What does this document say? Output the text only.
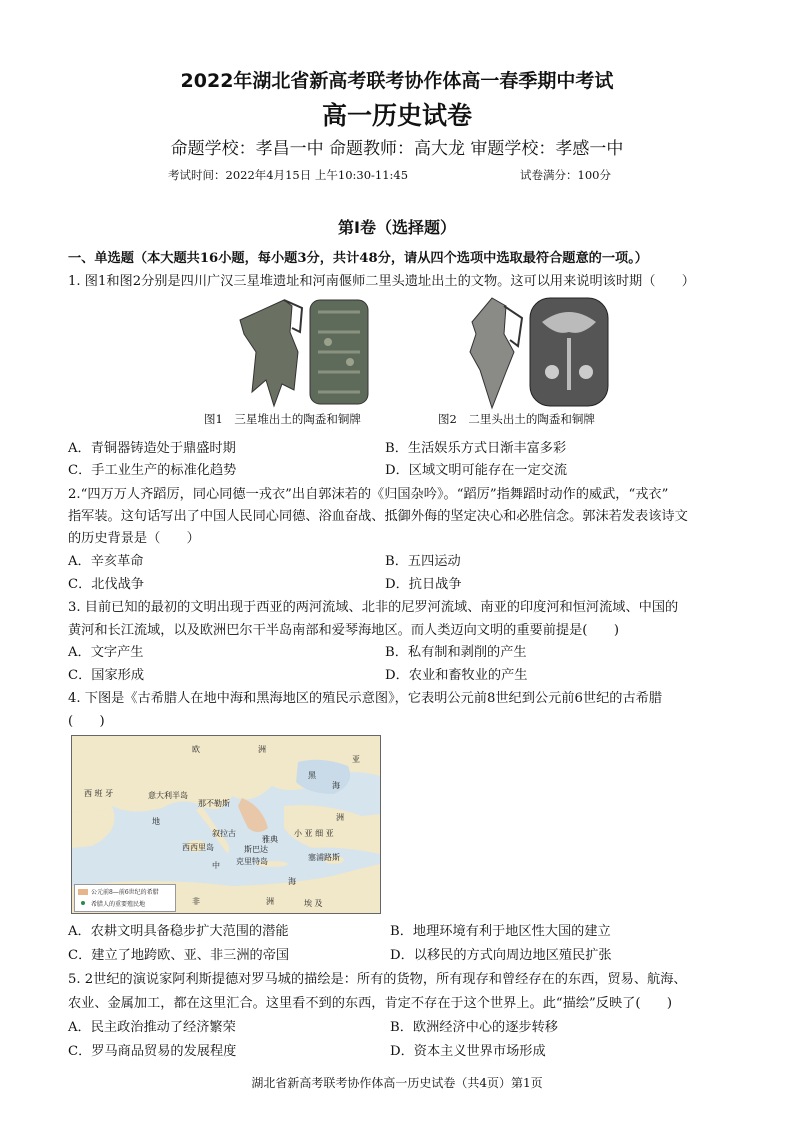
2022年湖北省新高考联考协作体高一春季期中考试
高一历史试卷
命题学校：孝昌一中 命题教师：高大龙 审题学校：孝感一中
考试时间：2022年4月15日 上午10:30-11:45	试卷满分：100分
第Ⅰ卷（选择题）
一、单选题（本大题共16小题，每小题3分，共计48分，请从四个选项中选取最符合题意的一项。）
1. 图1和图2分别是四川广汉三星堆遗址和河南偃师二里头遗址出土的文物。这可以用来说明该时期（　　）
图1　三星堆出土的陶盉和铜牌	图2　二里头出土的陶盉和铜牌
A．青铜器铸造处于鼎盛时期	B．生活娱乐方式日渐丰富多彩
C．手工业生产的标准化趋势	D．区域文明可能存在一定交流
2.“四万万人齐蹈厉，同心同德一戎衣”出自郭沫若的《归国杂吟》。“蹈厉”指舞蹈时动作的威武，“戎衣”
指军装。这句话写出了中国人民同心同德、浴血奋战、抵御外侮的坚定决心和必胜信念。郭沫若发表该诗文
的历史背景是（　　）
A．辛亥革命	B．五四运动
C．北伐战争	D．抗日战争
3. 目前已知的最初的文明出现于西亚的两河流域、北非的尼罗河流域、南亚的印度河和恒河流域、中国的
黄河和长江流域，以及欧洲巴尔干半岛南部和爱琴海地区。而人类迈向文明的重要前提是(　　)
A．文字产生	B．私有制和剥削的产生
C．国家形成	D．农业和畜牧业的产生
4. 下图是《古希腊人在地中海和黑海地区的殖民示意图》，它表明公元前8世纪到公元前6世纪的古希腊
(　　)
欧	洲
西 班 牙	意大利半岛
那不勒斯
黑
海
亚
洲
小 亚 细 亚
地
中
海
西西里岛
叙拉古
雅典
斯巴达
克里特岛	塞浦路斯
非	洲	埃 及
公元前8—前6世纪的希腊
希腊人的重要殖民地
A．农耕文明具备稳步扩大范围的潜能	B．地理环境有利于地区性大国的建立
C．建立了地跨欧、亚、非三洲的帝国	D．以移民的方式向周边地区殖民扩张
5. 2世纪的演说家阿利斯提德对罗马城的描绘是：所有的货物，所有现存和曾经存在的东西，贸易、航海、
农业、金属加工，都在这里汇合。这里看不到的东西，肯定不存在于这个世界上。此“描绘”反映了(　　)
A．民主政治推动了经济繁荣	B．欧洲经济中心的逐步转移
C．罗马商品贸易的发展程度	D．资本主义世界市场形成
湖北省新高考联考协作体高一历史试卷（共4页）第1页
